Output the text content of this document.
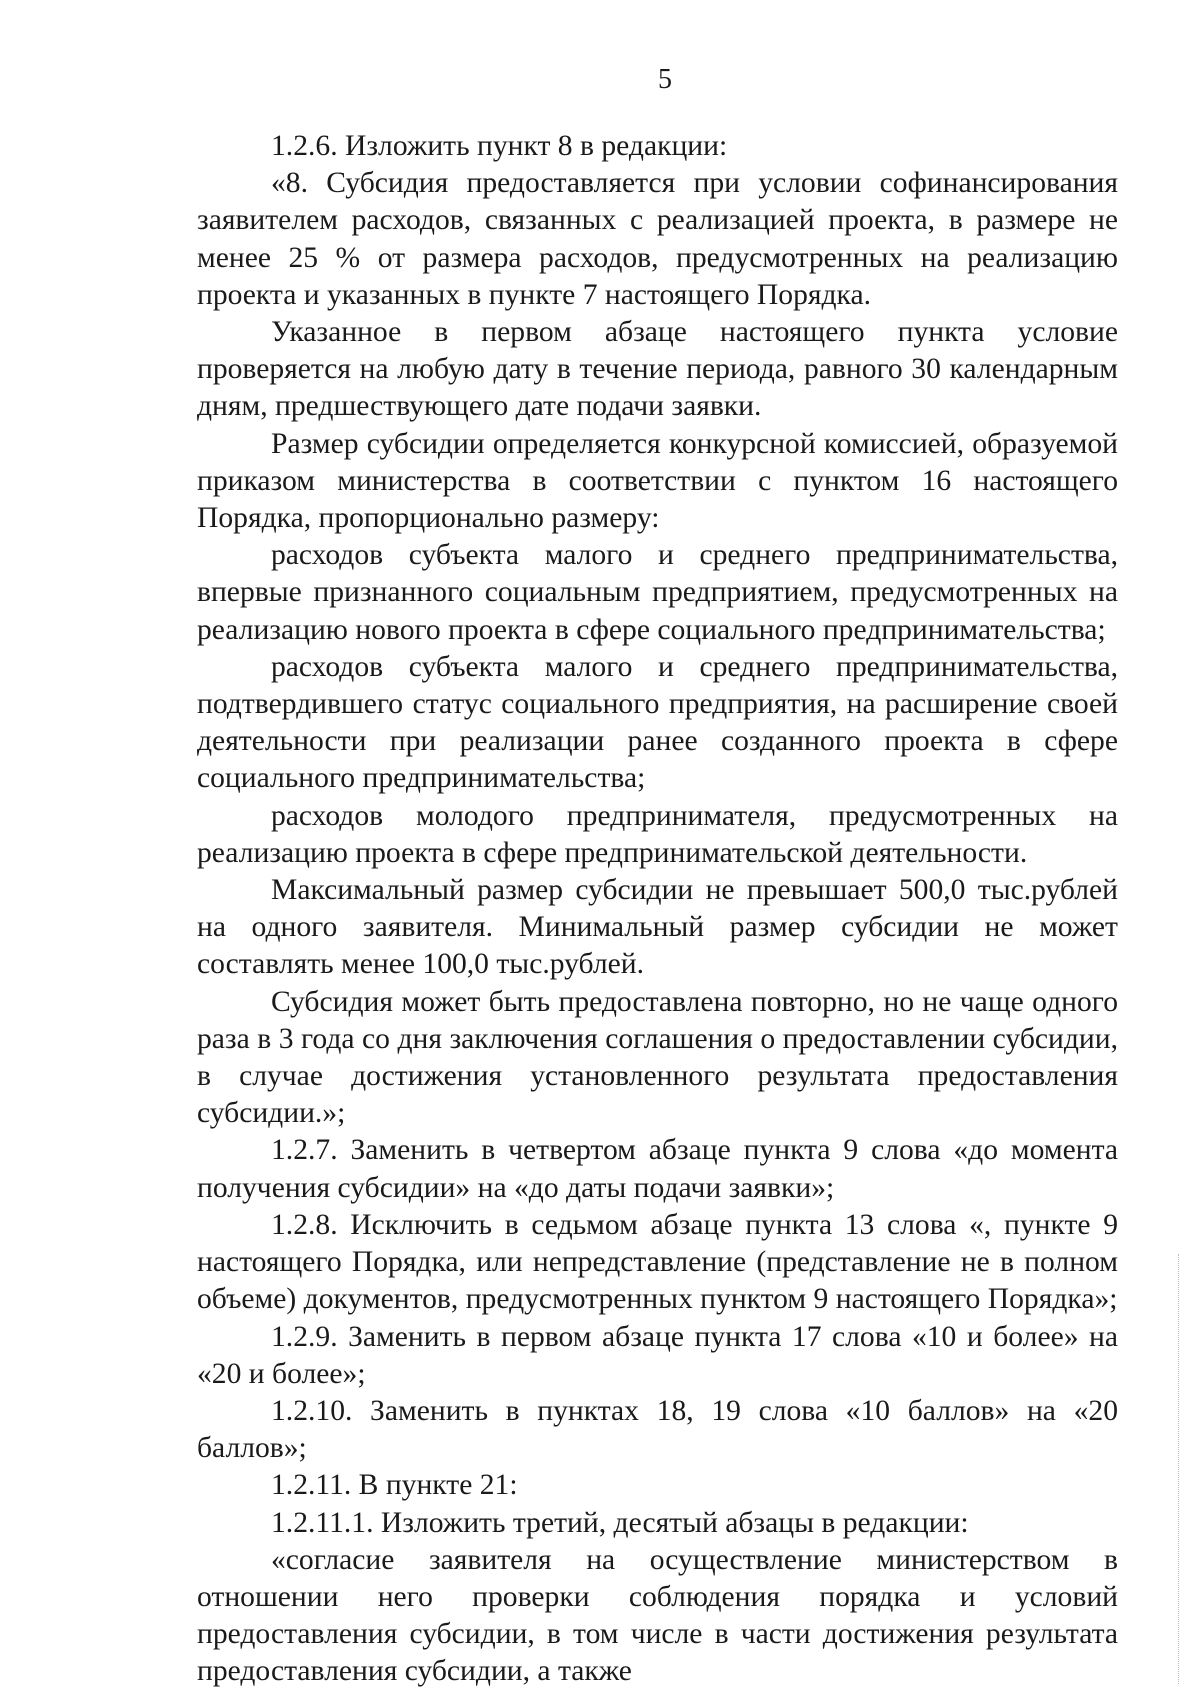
5

1.2.6. Изложить пункт 8 в редакции:

«8. Субсидия предоставляется при условии софинансирования заявителем расходов, связанных с реализацией проекта, в размере не менее 25 % от размера расходов, предусмотренных на реализацию проекта и указанных в пункте 7 настоящего Порядка.

Указанное в первом абзаце настоящего пункта условие проверяется на любую дату в течение периода, равного 30 календарным дням, предшествующего дате подачи заявки.

Размер субсидии определяется конкурсной комиссией, образуемой приказом министерства в соответствии с пунктом 16 настоящего Порядка, пропорционально размеру:

расходов субъекта малого и среднего предпринимательства, впервые признанного социальным предприятием, предусмотренных на реализацию нового проекта в сфере социального предпринимательства;

расходов субъекта малого и среднего предпринимательства, подтвердившего статус социального предприятия, на расширение своей деятельности при реализации ранее созданного проекта в сфере социального предпринимательства;

расходов молодого предпринимателя, предусмотренных на реализацию проекта в сфере предпринимательской деятельности.

Максимальный размер субсидии не превышает 500,0 тыс.рублей на одного заявителя. Минимальный размер субсидии не может составлять менее 100,0 тыс.рублей.

Субсидия может быть предоставлена повторно, но не чаще одного раза в 3 года со дня заключения соглашения о предоставлении субсидии, в случае достижения установленного результата предоставления субсидии.»;

1.2.7. Заменить в четвертом абзаце пункта 9 слова «до момента получения субсидии» на «до даты подачи заявки»;

1.2.8. Исключить в седьмом абзаце пункта 13 слова «, пункте 9 настоящего Порядка, или непредставление (представление не в полном объеме) документов, предусмотренных пунктом 9 настоящего Порядка»;

1.2.9. Заменить в первом абзаце пункта 17 слова «10 и более» на «20 и более»;

1.2.10. Заменить в пунктах 18, 19 слова «10 баллов» на «20 баллов»;

1.2.11. В пункте 21:

1.2.11.1. Изложить третий, десятый абзацы в редакции:

«согласие заявителя на осуществление министерством в отношении него проверки соблюдения порядка и условий предоставления субсидии, в том числе в части достижения результата предоставления субсидии, а также
